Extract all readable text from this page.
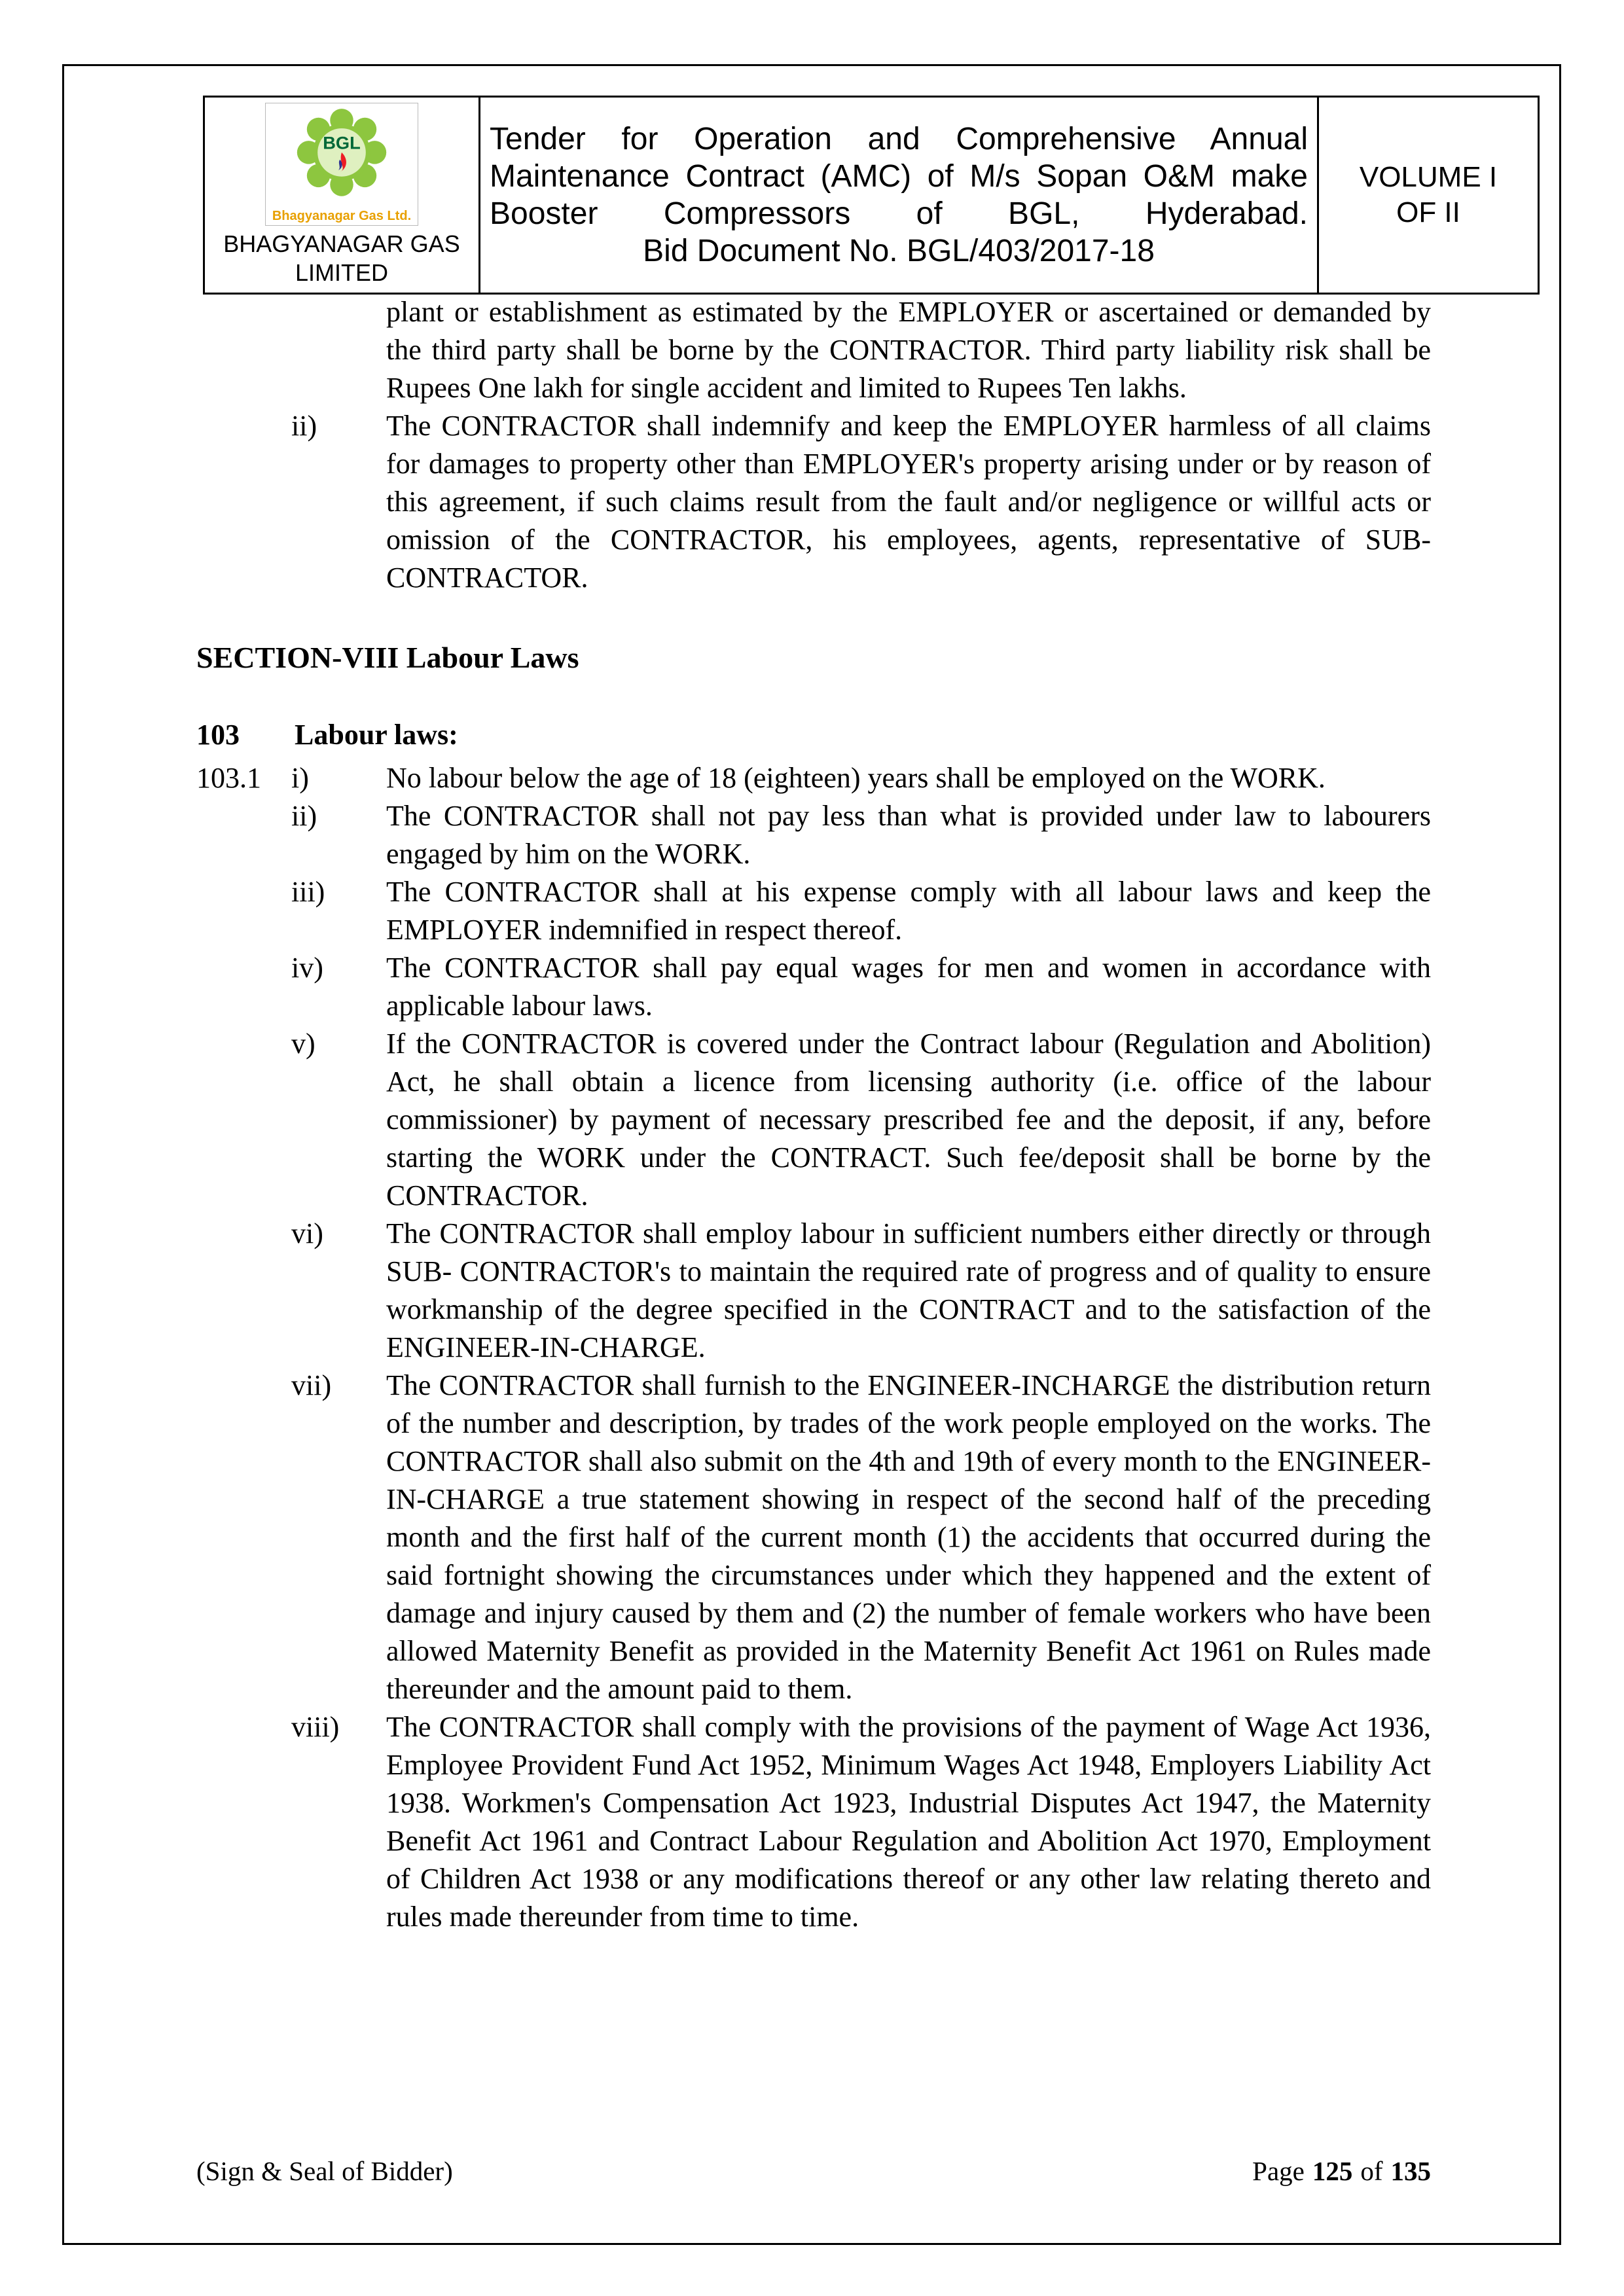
BGL
Bhagyanagar Gas Ltd.
BHAGYANAGAR GAS LIMITED

Tender for Operation and Comprehensive Annual Maintenance Contract (AMC) of M/s Sopan O&M make Booster Compressors of BGL, Hyderabad.
Bid Document No. BGL/403/2017-18

VOLUME I
OF II
plant or establishment as estimated by the EMPLOYER or ascertained or demanded by the third party shall be borne by the CONTRACTOR. Third party liability risk shall be Rupees One lakh for single accident and limited to Rupees Ten lakhs.
ii)	The CONTRACTOR shall indemnify and keep the EMPLOYER harmless of all claims for damages to property other than EMPLOYER's property arising under or by reason of this agreement, if such claims result from the fault and/or negligence or willful acts or omission of the CONTRACTOR, his employees, agents, representative of SUB-CONTRACTOR.
SECTION-VIII Labour Laws
103	Labour laws:
103.1	i)	No labour below the age of 18 (eighteen) years shall be employed on the WORK.
ii)	The CONTRACTOR shall not pay less than what is provided under law to labourers engaged by him on the WORK.
iii)	The CONTRACTOR shall at his expense comply with all labour laws and keep the EMPLOYER indemnified in respect thereof.
iv)	The CONTRACTOR shall pay equal wages for men and women in accordance with applicable labour laws.
v)	If the CONTRACTOR is covered under the Contract labour (Regulation and Abolition) Act, he shall obtain a licence from licensing authority (i.e. office of the labour commissioner) by payment of necessary prescribed fee and the deposit, if any, before starting the WORK under the CONTRACT. Such fee/deposit shall be borne by the CONTRACTOR.
vi)	The CONTRACTOR shall employ labour in sufficient numbers either directly or through SUB- CONTRACTOR's to maintain the required rate of progress and of quality to ensure workmanship of the degree specified in the CONTRACT and to the satisfaction of the ENGINEER-IN-CHARGE.
vii)	The CONTRACTOR shall furnish to the ENGINEER-INCHARGE the distribution return of the number and description, by trades of the work people employed on the works. The CONTRACTOR shall also submit on the 4th and 19th of every month to the ENGINEER-IN-CHARGE a true statement showing in respect of the second half of the preceding month and the first half of the current month (1) the accidents that occurred during the said fortnight showing the circumstances under which they happened and the extent of damage and injury caused by them and (2) the number of female workers who have been allowed Maternity Benefit as provided in the Maternity Benefit Act 1961 on Rules made thereunder and the amount paid to them.
viii)	The CONTRACTOR shall comply with the provisions of the payment of Wage Act 1936, Employee Provident Fund Act 1952, Minimum Wages Act 1948, Employers Liability Act 1938. Workmen's Compensation Act 1923, Industrial Disputes Act 1947, the Maternity Benefit Act 1961 and Contract Labour Regulation and Abolition Act 1970, Employment of Children Act 1938 or any modifications thereof or any other law relating thereto and rules made thereunder from time to time.
(Sign & Seal of Bidder)	Page 125 of 135
